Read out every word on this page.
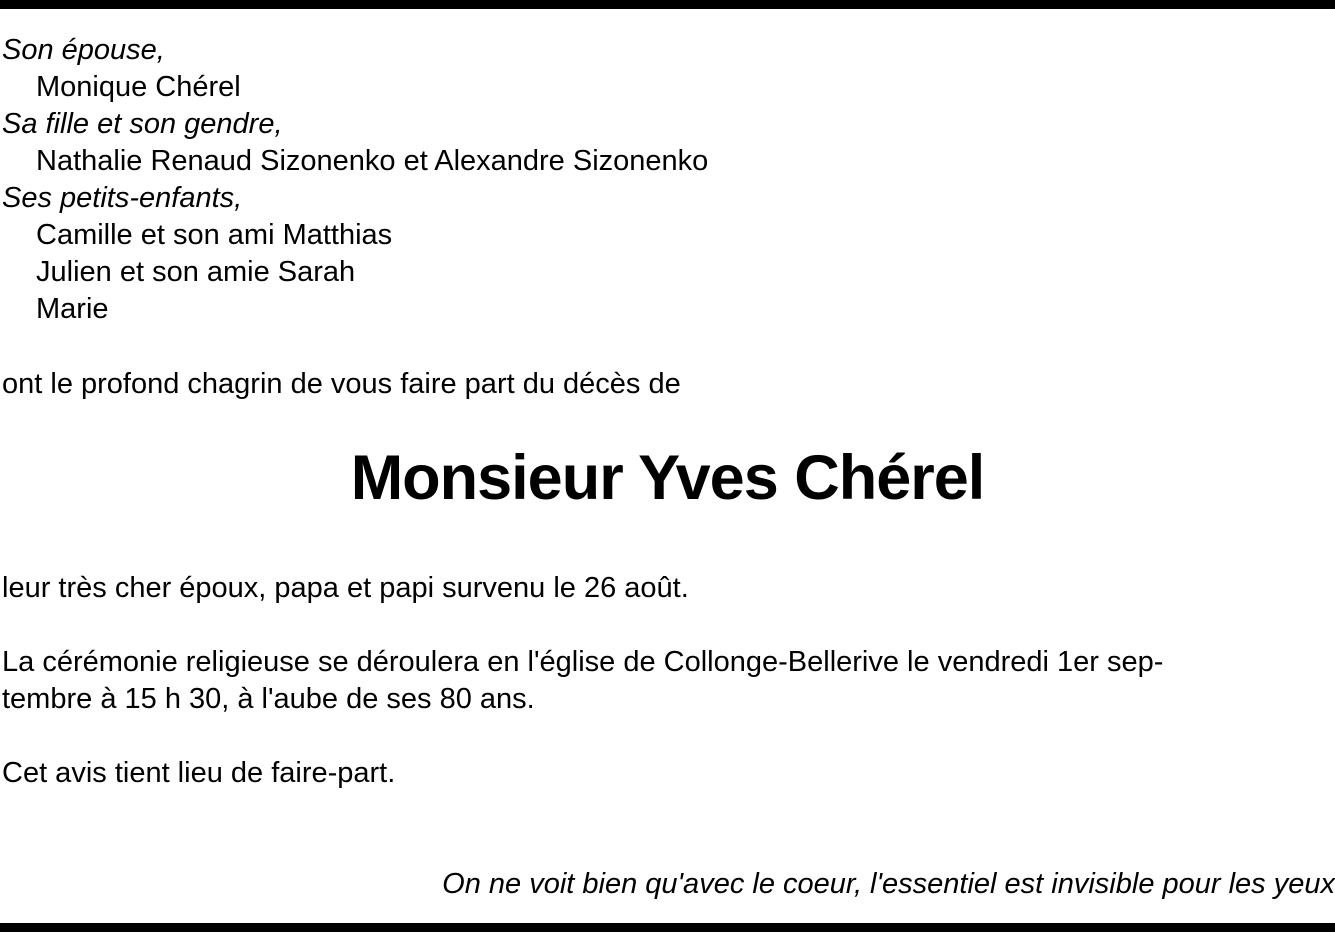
Son épouse,
Monique Chérel
Sa fille et son gendre,
Nathalie Renaud Sizonenko et Alexandre Sizonenko
Ses petits-enfants,
Camille et son ami Matthias
Julien et son amie Sarah
Marie
ont le profond chagrin de vous faire part du décès de
Monsieur Yves Chérel
leur très cher époux, papa et papi survenu le 26 août.
La cérémonie religieuse se déroulera en l'église de Collonge-Bellerive le vendredi 1er sep-
tembre à 15 h 30, à l'aube de ses 80 ans.
Cet avis tient lieu de faire-part.
On ne voit bien qu'avec le coeur, l'essentiel est invisible pour les yeux
